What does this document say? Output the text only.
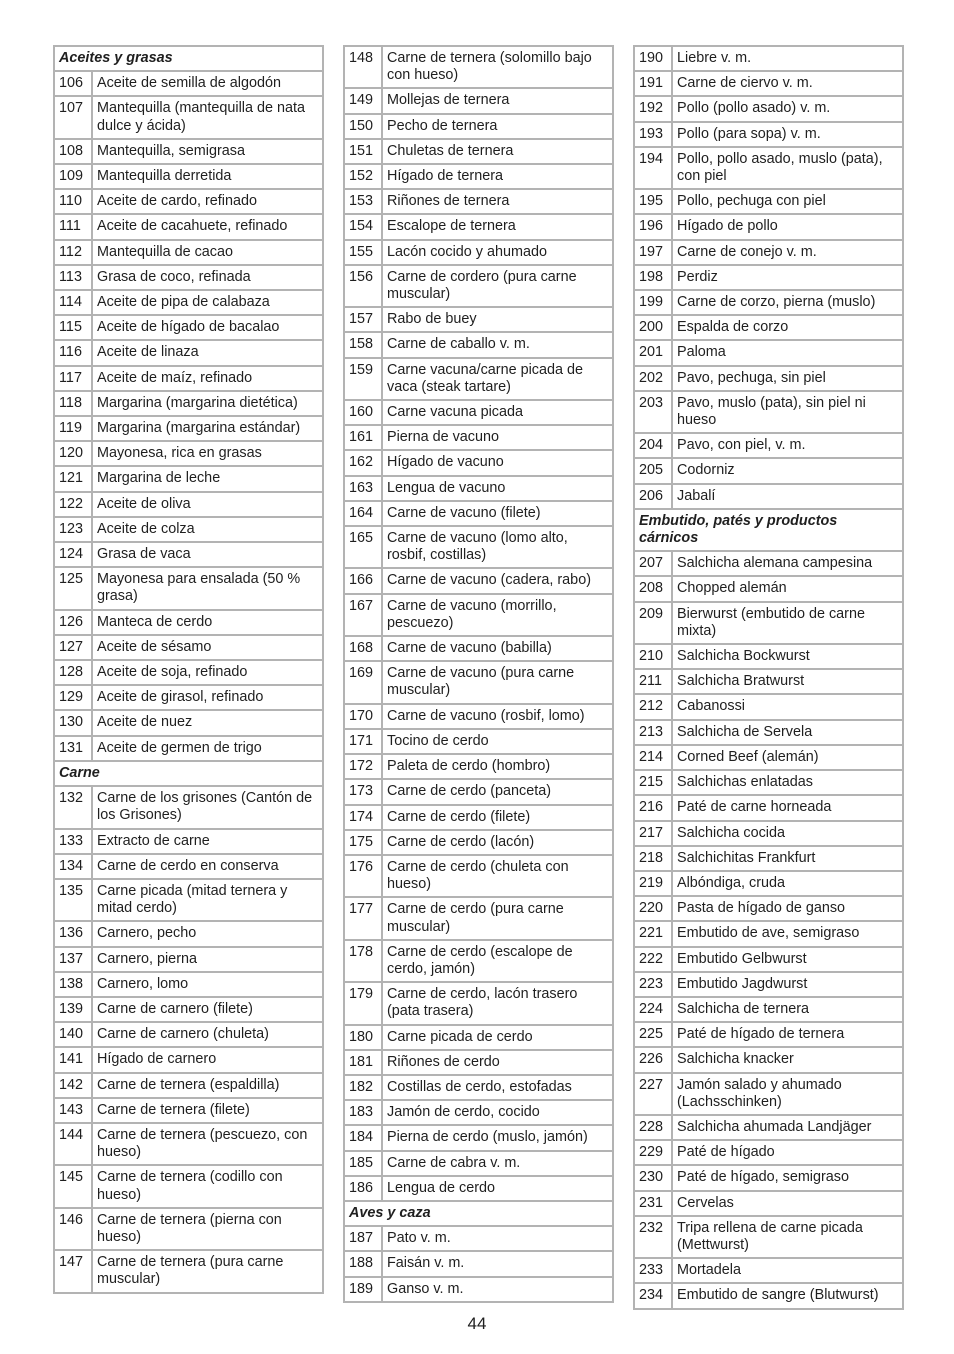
Aceites y grasas
106 Aceite de semilla de algodón
107 Mantequilla (mantequilla de nata dulce y ácida)
108 Mantequilla, semigrasa
109 Mantequilla derretida
110	Aceite de cardo, refinado
111	Aceite de cacahuete, refinado
112	Mantequilla de cacao
113	Grasa de coco, refinada
114	Aceite de pipa de calabaza
115	Aceite de hígado de bacalao
116	Aceite de linaza
117	Aceite de maíz, refinado
118	Margarina (margarina dietética)
119	Margarina (margarina estándar)
120 Mayonesa, rica en grasas
121 Margarina de leche
122 Aceite de oliva
123 Aceite de colza
124 Grasa de vaca
125 Mayonesa para ensalada (50 % grasa)
126 Manteca de cerdo
127 Aceite de sésamo
128 Aceite de soja, refinado
129 Aceite de girasol, refinado
130 Aceite de nuez
131 Aceite de germen de trigo
Carne
132 Carne de los grisones (Cantón de los Grisones)
133 Extracto de carne
134 Carne de cerdo en conserva
135 Carne picada (mitad ternera y mitad cerdo)
136 Carnero, pecho
137 Carnero, pierna
138 Carnero, lomo
139 Carne de carnero (filete)
140 Carne de carnero (chuleta)
141 Hígado de carnero
142 Carne de ternera (espaldilla)
143 Carne de ternera (filete)
144 Carne de ternera (pescuezo, con hueso)
145 Carne de ternera (codillo con hueso)
146 Carne de ternera (pierna con hueso)
147 Carne de ternera (pura carne muscular)
148 Carne de ternera (solomillo bajo con hueso)
149 Mollejas de ternera
150 Pecho de ternera
151 Chuletas de ternera
152 Hígado de ternera
153 Riñones de ternera
154 Escalope de ternera
155 Lacón cocido y ahumado
156 Carne de cordero (pura carne muscular)
157 Rabo de buey
158 Carne de caballo v. m.
159 Carne vacuna/carne picada de vaca (steak tartare)
160 Carne vacuna picada
161 Pierna de vacuno
162 Hígado de vacuno
163 Lengua de vacuno
164 Carne de vacuno (filete)
165 Carne de vacuno (lomo alto, rosbif, costillas)
166 Carne de vacuno (cadera, rabo)
167 Carne de vacuno (morrillo, pescuezo)
168 Carne de vacuno (babilla)
169 Carne de vacuno (pura carne muscular)
170 Carne de vacuno (rosbif, lomo)
171 Tocino de cerdo
172 Paleta de cerdo (hombro)
173 Carne de cerdo (panceta)
174 Carne de cerdo (filete)
175 Carne de cerdo (lacón)
176 Carne de cerdo (chuleta con hueso)
177 Carne de cerdo (pura carne muscular)
178 Carne de cerdo (escalope de cerdo, jamón)
179 Carne de cerdo, lacón trasero (pata trasera)
180 Carne picada de cerdo
181 Riñones de cerdo
182 Costillas de cerdo, estofadas
183 Jamón de cerdo, cocido
184 Pierna de cerdo (muslo, jamón)
185 Carne de cabra v. m.
186 Lengua de cerdo
Aves y caza
187 Pato v. m.
188 Faisán v. m.
189 Ganso v. m.
190 Liebre v. m.
191 Carne de ciervo v. m.
192 Pollo (pollo asado) v. m.
193 Pollo (para sopa) v. m.
194 Pollo, pollo asado, muslo (pata), con piel
195 Pollo, pechuga con piel
196 Hígado de pollo
197 Carne de conejo v. m.
198 Perdiz
199 Carne de corzo, pierna (muslo)
200 Espalda de corzo
201 Paloma
202 Pavo, pechuga, sin piel
203 Pavo, muslo (pata), sin piel ni hueso
204 Pavo, con piel, v. m.
205 Codorniz
206 Jabalí
Embutido, patés y productos cárnicos
207 Salchicha alemana campesina
208 Chopped alemán
209 Bierwurst (embutido de carne mixta)
210 Salchicha Bockwurst
211	Salchicha Bratwurst
212 Cabanossi
213 Salchicha de Servela
214 Corned Beef (alemán)
215 Salchichas enlatadas
216 Paté de carne horneada
217 Salchicha cocida
218 Salchichitas Frankfurt
219 Albóndiga, cruda
220 Pasta de hígado de ganso
221 Embutido de ave, semigraso
222 Embutido Gelbwurst
223 Embutido Jagdwurst
224 Salchicha de ternera
225 Paté de hígado de ternera
226 Salchicha knacker
227 Jamón salado y ahumado (Lachsschinken)
228 Salchicha ahumada Landjäger
229 Paté de hígado
230 Paté de hígado, semigraso
231 Cervelas
232 Tripa rellena de carne picada (Mettwurst)
233 Mortadela
234 Embutido de sangre (Blutwurst)
44
